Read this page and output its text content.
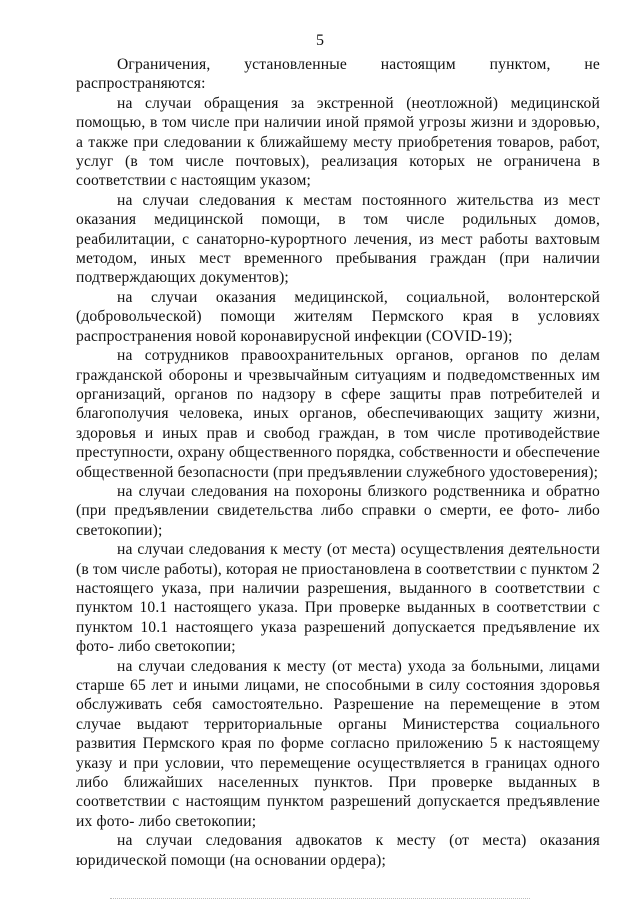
5

Ограничения, установленные настоящим пунктом, не распространяются:

на случаи обращения за экстренной (неотложной) медицинской помощью, в том числе при наличии иной прямой угрозы жизни и здоровью, а также при следовании к ближайшему месту приобретения товаров, работ, услуг (в том числе почтовых), реализация которых не ограничена в соответствии с настоящим указом;

на случаи следования к местам постоянного жительства из мест оказания медицинской помощи, в том числе родильных домов, реабилитации, с санаторно-курортного лечения, из мест работы вахтовым методом, иных мест временного пребывания граждан (при наличии подтверждающих документов);

на случаи оказания медицинской, социальной, волонтерской (добровольческой) помощи жителям Пермского края в условиях распространения новой коронавирусной инфекции (COVID-19);

на сотрудников правоохранительных органов, органов по делам гражданской обороны и чрезвычайным ситуациям и подведомственных им организаций, органов по надзору в сфере защиты прав потребителей и благополучия человека, иных органов, обеспечивающих защиту жизни, здоровья и иных прав и свобод граждан, в том числе противодействие преступности, охрану общественного порядка, собственности и обеспечение общественной безопасности (при предъявлении служебного удостоверения);

на случаи следования на похороны близкого родственника и обратно (при предъявлении свидетельства либо справки о смерти, ее фото- либо светокопии);

на случаи следования к месту (от места) осуществления деятельности (в том числе работы), которая не приостановлена в соответствии с пунктом 2 настоящего указа, при наличии разрешения, выданного в соответствии с пунктом 10.1 настоящего указа. При проверке выданных в соответствии с пунктом 10.1 настоящего указа разрешений допускается предъявление их фото- либо светокопии;

на случаи следования к месту (от места) ухода за больными, лицами старше 65 лет и иными лицами, не способными в силу состояния здоровья обслуживать себя самостоятельно. Разрешение на перемещение в этом случае выдают территориальные органы Министерства социального развития Пермского края по форме согласно приложению 5 к настоящему указу и при условии, что перемещение осуществляется в границах одного либо ближайших населенных пунктов. При проверке выданных в соответствии с настоящим пунктом разрешений допускается предъявление их фото- либо светокопии;

на случаи следования адвокатов к месту (от места) оказания юридической помощи (на основании ордера);
